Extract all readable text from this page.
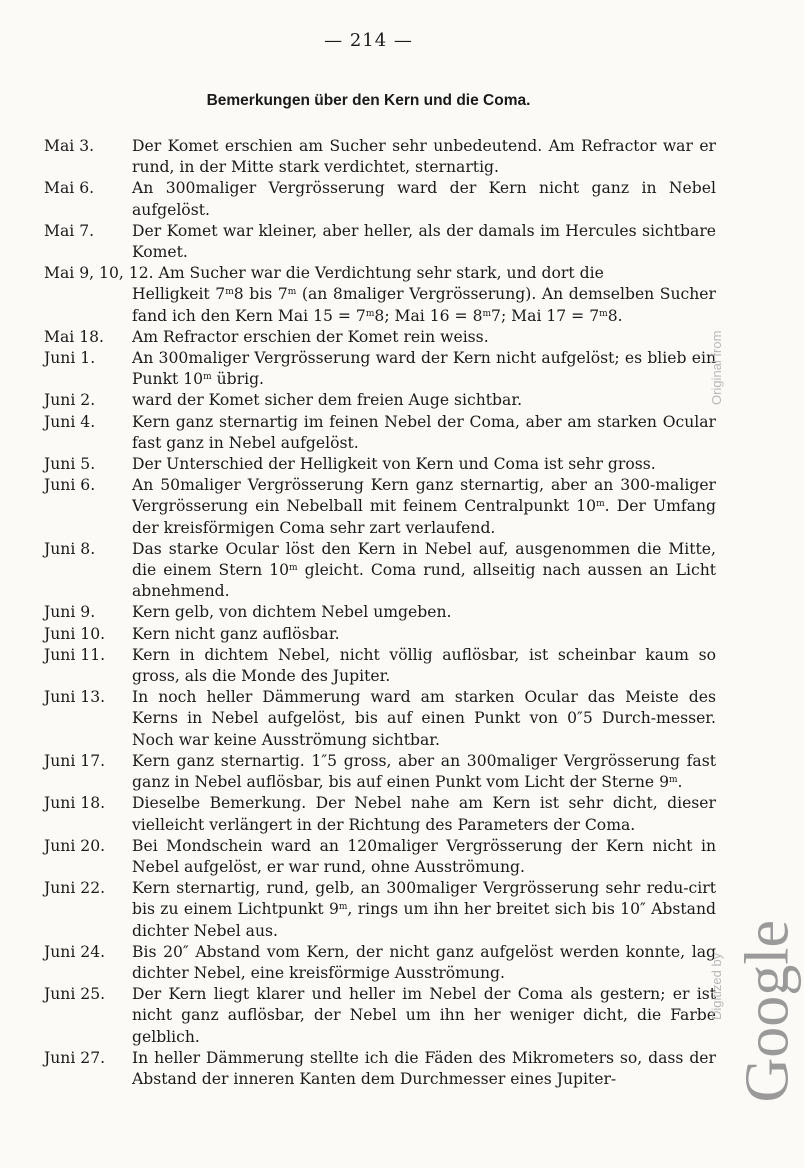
— 214 —
Bemerkungen über den Kern und die Coma.
Mai 3.	Der Komet erschien am Sucher sehr unbedeutend. Am Refractor war er rund, in der Mitte stark verdichtet, sternartig.
Mai 6.	An 300maliger Vergrösserung ward der Kern nicht ganz in Nebel aufgelöst.
Mai 7.	Der Komet war kleiner, aber heller, als der damals im Hercules sichtbare Komet.
Mai 9, 10, 12. Am Sucher war die Verdichtung sehr stark, und dort die
Helligkeit 7$^m$8 bis 7$^m$ (an 8maliger Vergrösserung). An demselben Sucher fand ich den Kern Mai $15 = 7^m8$; Mai $16 = 8^m7$; Mai $17 = 7^m8$.
Mai 18.	Am Refractor erschien der Komet rein weiss.
Juni 1.	An 300maliger Vergrösserung ward der Kern nicht aufgelöst; es blieb ein Punkt 10$^m$ übrig.
Juni 2.	ward der Komet sicher dem freien Auge sichtbar.
Juni 4.	Kern ganz sternartig im feinen Nebel der Coma, aber am starken Ocular fast ganz in Nebel aufgelöst.
Juni 5.	Der Unterschied der Helligkeit von Kern und Coma ist sehr gross.
Juni 6.	An 50maliger Vergrösserung Kern ganz sternartig, aber an 300-maliger Vergrösserung ein Nebelball mit feinem Centralpunkt 10$^m$. Der Umfang der kreisförmigen Coma sehr zart verlaufend.
Juni 8.	Das starke Ocular löst den Kern in Nebel auf, ausgenommen die Mitte, die einem Stern 10$^m$ gleicht. Coma rund, allseitig nach aussen an Licht abnehmend.
Juni 9.	Kern gelb, von dichtem Nebel umgeben.
Juni 10.	Kern nicht ganz auflösbar.
Juni 11.	Kern in dichtem Nebel, nicht völlig auflösbar, ist scheinbar kaum so gross, als die Monde des Jupiter.
Juni 13.	In noch heller Dämmerung ward am starken Ocular das Meiste des Kerns in Nebel aufgelöst, bis auf einen Punkt von 0″5 Durch-messer. Noch war keine Ausströmung sichtbar.
Juni 17.	Kern ganz sternartig. 1″5 gross, aber an 300maliger Vergrösserung fast ganz in Nebel auflösbar, bis auf einen Punkt vom Licht der Sterne 9$^m$.
Juni 18.	Dieselbe Bemerkung. Der Nebel nahe am Kern ist sehr dicht, dieser vielleicht verlängert in der Richtung des Parameters der Coma.
Juni 20.	Bei Mondschein ward an 120maliger Vergrösserung der Kern nicht in Nebel aufgelöst, er war rund, ohne Ausströmung.
Juni 22.	Kern sternartig, rund, gelb, an 300maliger Vergrösserung sehr redu-cirt bis zu einem Lichtpunkt 9$^m$, rings um ihn her breitet sich bis 10″ Abstand dichter Nebel aus.
Juni 24.	Bis 20″ Abstand vom Kern, der nicht ganz aufgelöst werden konnte, lag dichter Nebel, eine kreisförmige Ausströmung.
Juni 25.	Der Kern liegt klarer und heller im Nebel der Coma als gestern; er ist nicht ganz auflösbar, der Nebel um ihn her weniger dicht, die Farbe gelblich.
Juni 27.	In heller Dämmerung stellte ich die Fäden des Mikrometers so, dass der Abstand der inneren Kanten dem Durchmesser eines Jupiter-
Original from
Digitized by Google
